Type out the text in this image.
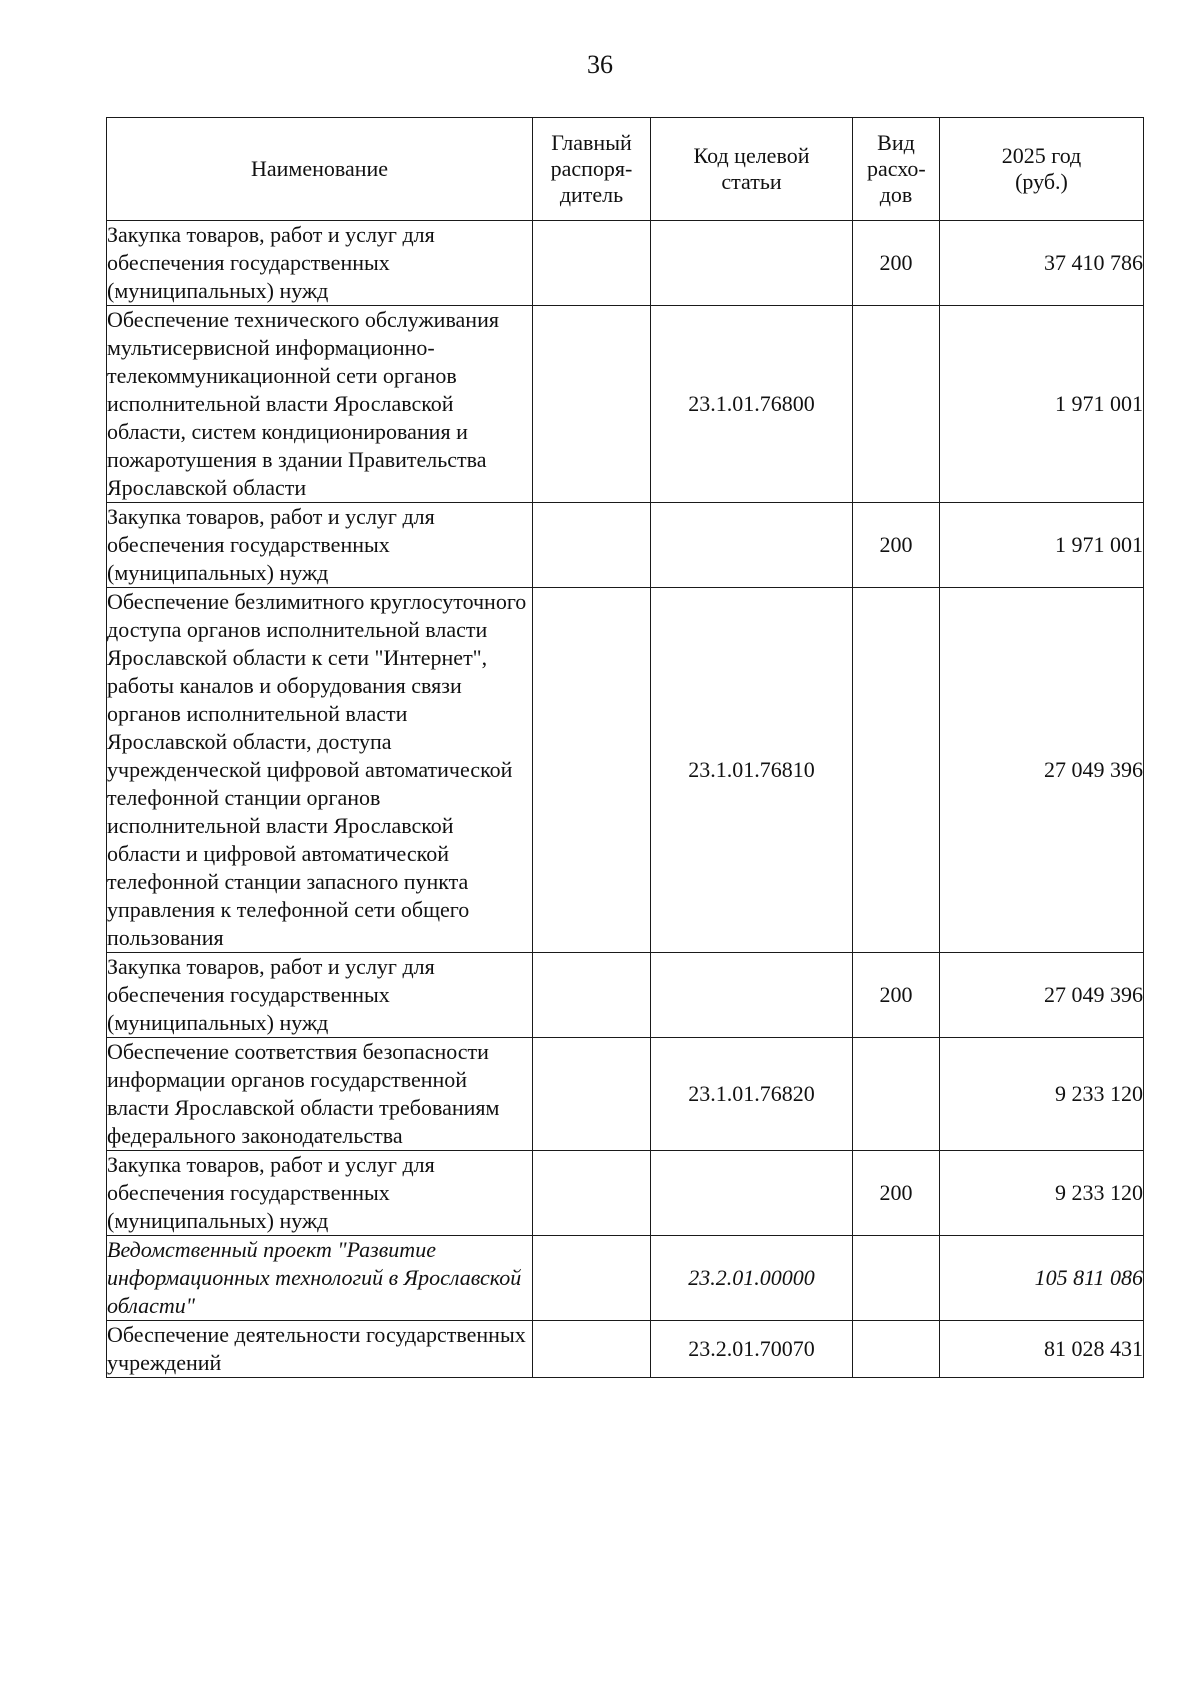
36
Наименование	Главный распоря-дитель	Код целевой статьи	Вид расхо-дов	2025 год (руб.)
Закупка товаров, работ и услуг для обеспечения государственных (муниципальных) нужд			200	37 410 786
Обеспечение технического обслуживания мультисервисной информационно-телекоммуникационной сети органов исполнительной власти Ярославской области, систем кондиционирования и пожаротушения в здании Правительства Ярославской области		23.1.01.76800		1 971 001
Закупка товаров, работ и услуг для обеспечения государственных (муниципальных) нужд			200	1 971 001
Обеспечение безлимитного круглосуточного доступа органов исполнительной власти Ярославской области к сети "Интернет", работы каналов и оборудования связи органов исполнительной власти Ярославской области, доступа учрежденческой цифровой автоматической телефонной станции органов исполнительной власти Ярославской области и цифровой автоматической телефонной станции запасного пункта управления к телефонной сети общего пользования		23.1.01.76810		27 049 396
Закупка товаров, работ и услуг для обеспечения государственных (муниципальных) нужд			200	27 049 396
Обеспечение соответствия безопасности информации органов государственной власти Ярославской области требованиям федерального законодательства		23.1.01.76820		9 233 120
Закупка товаров, работ и услуг для обеспечения государственных (муниципальных) нужд			200	9 233 120
Ведомственный проект "Развитие информационных технологий в Ярославской области"		23.2.01.00000		105 811 086
Обеспечение деятельности государственных учреждений		23.2.01.70070		81 028 431
